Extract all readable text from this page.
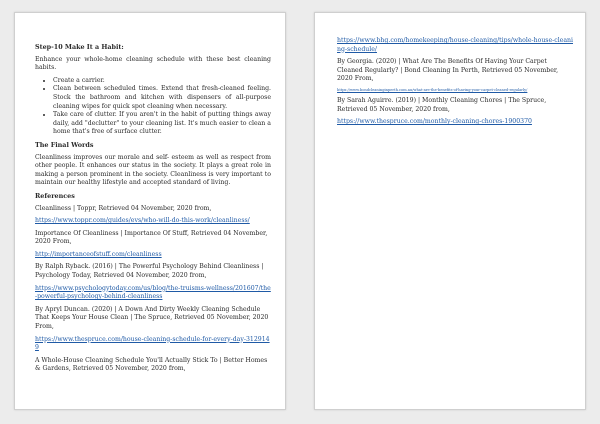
Step-10 Make It a Habit:

Enhance your whole-home cleaning schedule with these best cleaning habits.

• Create a carrier.
• Clean between scheduled times. Extend that fresh-cleaned feeling. Stock the bathroom and kitchen with dispensers of all-purpose cleaning wipes for quick spot cleaning when necessary.
• Take care of clutter. If you aren't in the habit of putting things away daily, add "declutter" to your cleaning list. It's much easier to clean a home that's free of surface clutter.

The Final Words

Cleanliness improves our morale and self- esteem as well as respect from other people. It enhances our status in the society. It plays a great role in making a person prominent in the society. Cleanliness is very important to maintain our healthy lifestyle and accepted standard of living.

References

Cleanliness | Toppr, Retrieved 04 November, 2020 from,

https://www.toppr.com/guides/evs/who-will-do-this-work/cleanliness/

Importance Of Cleanliness | Importance Of Stuff, Retrieved 04 November, 2020 From,

http://importanceofstuff.com/cleanliness

By Ralph Ryback. (2016) | The Powerful Psychology Behind Cleanliness | Psychology Today, Retrieved 04 November, 2020 from,

https://www.psychologytoday.com/us/blog/the-truisms-wellness/201607/the-powerful-psychology-behind-cleanliness

By Apryl Duncan. (2020) | A Down And Dirty Weekly Cleaning Schedule That Keeps Your House Clean | The Spruce, Retrieved 05 November, 2020 From,

https://www.thespruce.com/house-cleaning-schedule-for-every-day-3129149

A Whole-House Cleaning Schedule You'll Actually Stick To | Better Homes & Gardens, Retrieved 05 November, 2020 from,

https://www.bhg.com/homekeeping/house-cleaning/tips/whole-house-cleaning-schedule/

By Georgia. (2020) | What Are The Benefits Of Having Your Carpet Cleaned Regularly? | Bond Cleaning In Perth, Retrieved 05 November, 2020 From,

https://www.bondcleaninginperth.com.au/what-are-the-benefits-of-having-your-carpet-cleaned-regularly/

By Sarah Aguirre. (2019) | Monthly Cleaning Chores | The Spruce, Retrieved 05 November, 2020 from,

https://www.thespruce.com/monthly-cleaning-chores-1900370
